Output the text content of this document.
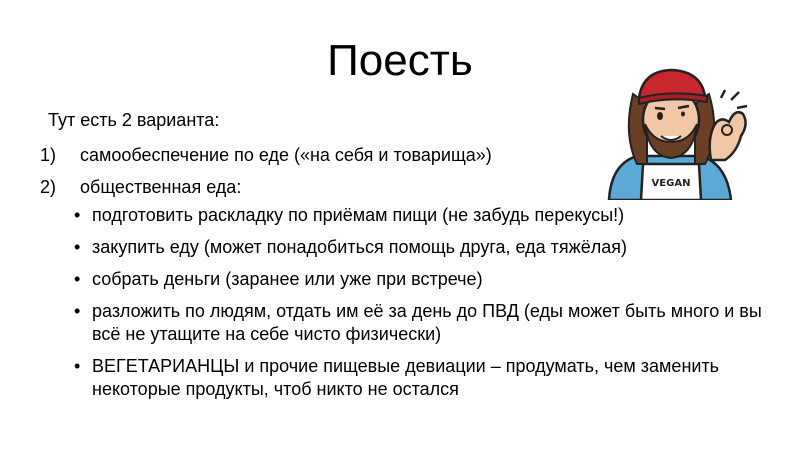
Поесть
Тут есть 2 варианта:
1) самообеспечение по еде («на себя и товарища»)
2) общественная еда:
• подготовить раскладку по приёмам пищи (не забудь перекусы!)
• закупить еду (может понадобиться помощь друга, еда тяжёлая)
• собрать деньги (заранее или уже при встрече)
• разложить по людям, отдать им её за день до ПВД (еды может быть много и вы всё не утащите на себе чисто физически)
• ВЕГЕТАРИАНЦЫ и прочие пищевые девиации – продумать, чем заменить некоторые продукты, чтоб никто не остался
VEGAN
